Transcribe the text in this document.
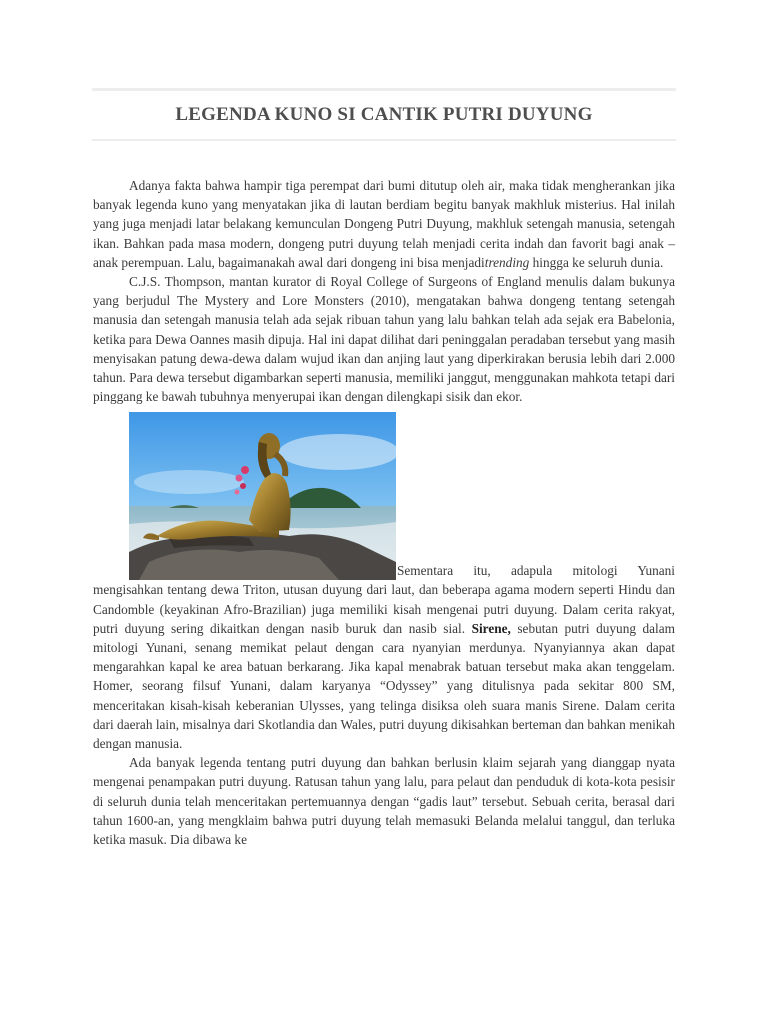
LEGENDA KUNO SI CANTIK PUTRI DUYUNG

Adanya fakta bahwa hampir tiga perempat dari bumi ditutup oleh air, maka tidak mengherankan jika banyak legenda kuno yang menyatakan jika di lautan berdiam begitu banyak makhluk misterius. Hal inilah yang juga menjadi latar belakang kemunculan Dongeng Putri Duyung, makhluk setengah manusia, setengah ikan. Bahkan pada masa modern, dongeng putri duyung telah menjadi cerita indah dan favorit bagi anak – anak perempuan. Lalu, bagaimanakah awal dari dongeng ini bisa menjaditrending hingga ke seluruh dunia.

C.J.S. Thompson, mantan kurator di Royal College of Surgeons of England menulis dalam bukunya yang berjudul The Mystery and Lore Monsters (2010), mengatakan bahwa dongeng tentang setengah manusia dan setengah manusia telah ada sejak ribuan tahun yang lalu bahkan telah ada sejak era Babelonia, ketika para Dewa Oannes masih dipuja. Hal ini dapat dilihat dari peninggalan peradaban tersebut yang masih menyisakan patung dewa-dewa dalam wujud ikan dan anjing laut yang diperkirakan berusia lebih dari 2.000 tahun. Para dewa tersebut digambarkan seperti manusia, memiliki janggut, menggunakan mahkota tetapi dari pinggang ke bawah tubuhnya menyerupai ikan dengan dilengkapi sisik dan ekor.

Sementara itu, adapula mitologi Yunani mengisahkan tentang dewa Triton, utusan duyung dari laut, dan beberapa agama modern seperti Hindu dan Candomble (keyakinan Afro-Brazilian) juga memiliki kisah mengenai putri duyung. Dalam cerita rakyat, putri duyung sering dikaitkan dengan nasib buruk dan nasib sial. Sirene, sebutan putri duyung dalam mitologi Yunani, senang memikat pelaut dengan cara nyanyian merdunya. Nyanyiannya akan dapat mengarahkan kapal ke area batuan berkarang. Jika kapal menabrak batuan tersebut maka akan tenggelam. Homer, seorang filsuf Yunani, dalam karyanya “Odyssey” yang ditulisnya pada sekitar 800 SM, menceritakan kisah-kisah keberanian Ulysses, yang telinga disiksa oleh suara manis Sirene. Dalam cerita dari daerah lain, misalnya dari Skotlandia dan Wales, putri duyung dikisahkan berteman dan bahkan menikah dengan manusia.

Ada banyak legenda tentang putri duyung dan bahkan berlusin klaim sejarah yang dianggap nyata mengenai penampakan putri duyung. Ratusan tahun yang lalu, para pelaut dan penduduk di kota-kota pesisir di seluruh dunia telah menceritakan pertemuannya dengan “gadis laut” tersebut. Sebuah cerita, berasal dari tahun 1600-an, yang mengklaim bahwa putri duyung telah memasuki Belanda melalui tanggul, dan terluka ketika masuk. Dia dibawa ke
